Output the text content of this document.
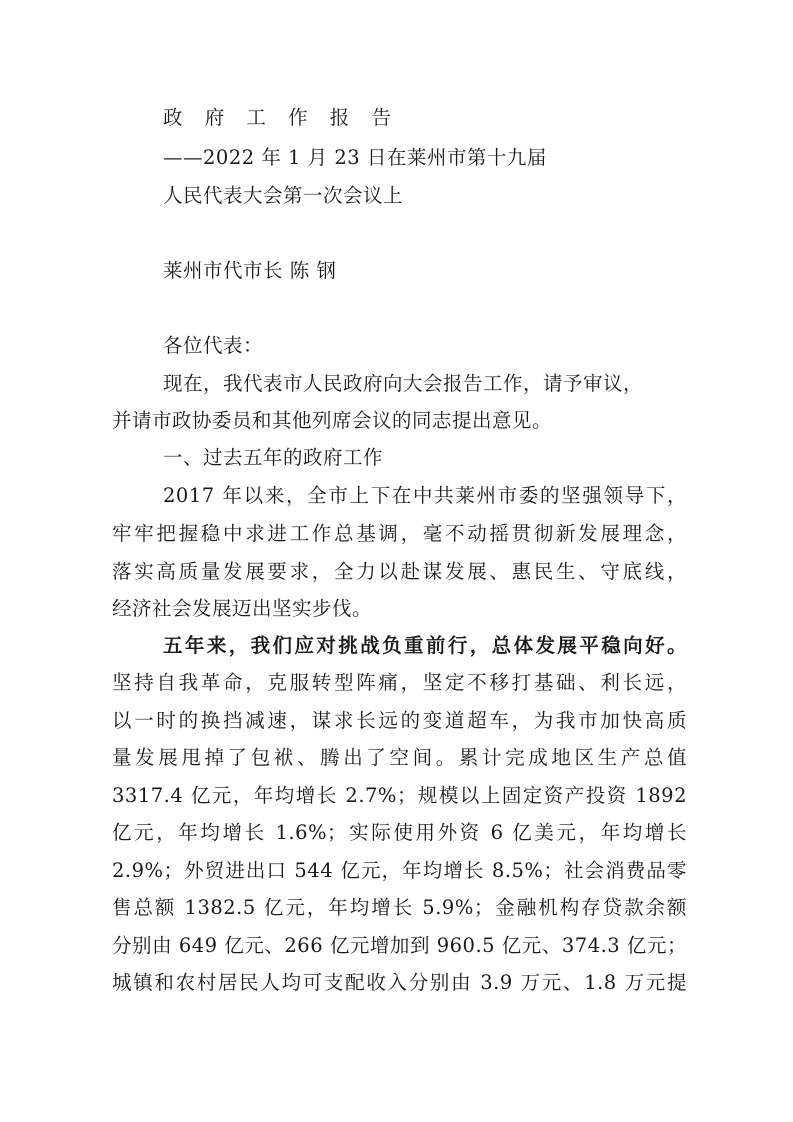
政 府 工 作 报 告
——2022 年 1 月 23 日在莱州市第十九届
人民代表大会第一次会议上
莱州市代市长 陈 钢
各位代表：
现在，我代表市人民政府向大会报告工作，请予审议，
并请市政协委员和其他列席会议的同志提出意见。
一、过去五年的政府工作
2017 年以来，全市上下在中共莱州市委的坚强领导下，
牢牢把握稳中求进工作总基调，毫不动摇贯彻新发展理念，
落实高质量发展要求，全力以赴谋发展、惠民生、守底线，
经济社会发展迈出坚实步伐。
五年来，我们应对挑战负重前行，总体发展平稳向好。
坚持自我革命，克服转型阵痛，坚定不移打基础、利长远，
以一时的换挡减速，谋求长远的变道超车，为我市加快高质
量发展甩掉了包袱、腾出了空间。累计完成地区生产总值
3317.4 亿元，年均增长 2.7%；规模以上固定资产投资 1892
亿元，年均增长 1.6%；实际使用外资 6 亿美元，年均增长
2.9%；外贸进出口 544 亿元，年均增长 8.5%；社会消费品零
售总额 1382.5 亿元，年均增长 5.9%；金融机构存贷款余额
分别由 649 亿元、266 亿元增加到 960.5 亿元、374.3 亿元；
城镇和农村居民人均可支配收入分别由 3.9 万元、1.8 万元提
